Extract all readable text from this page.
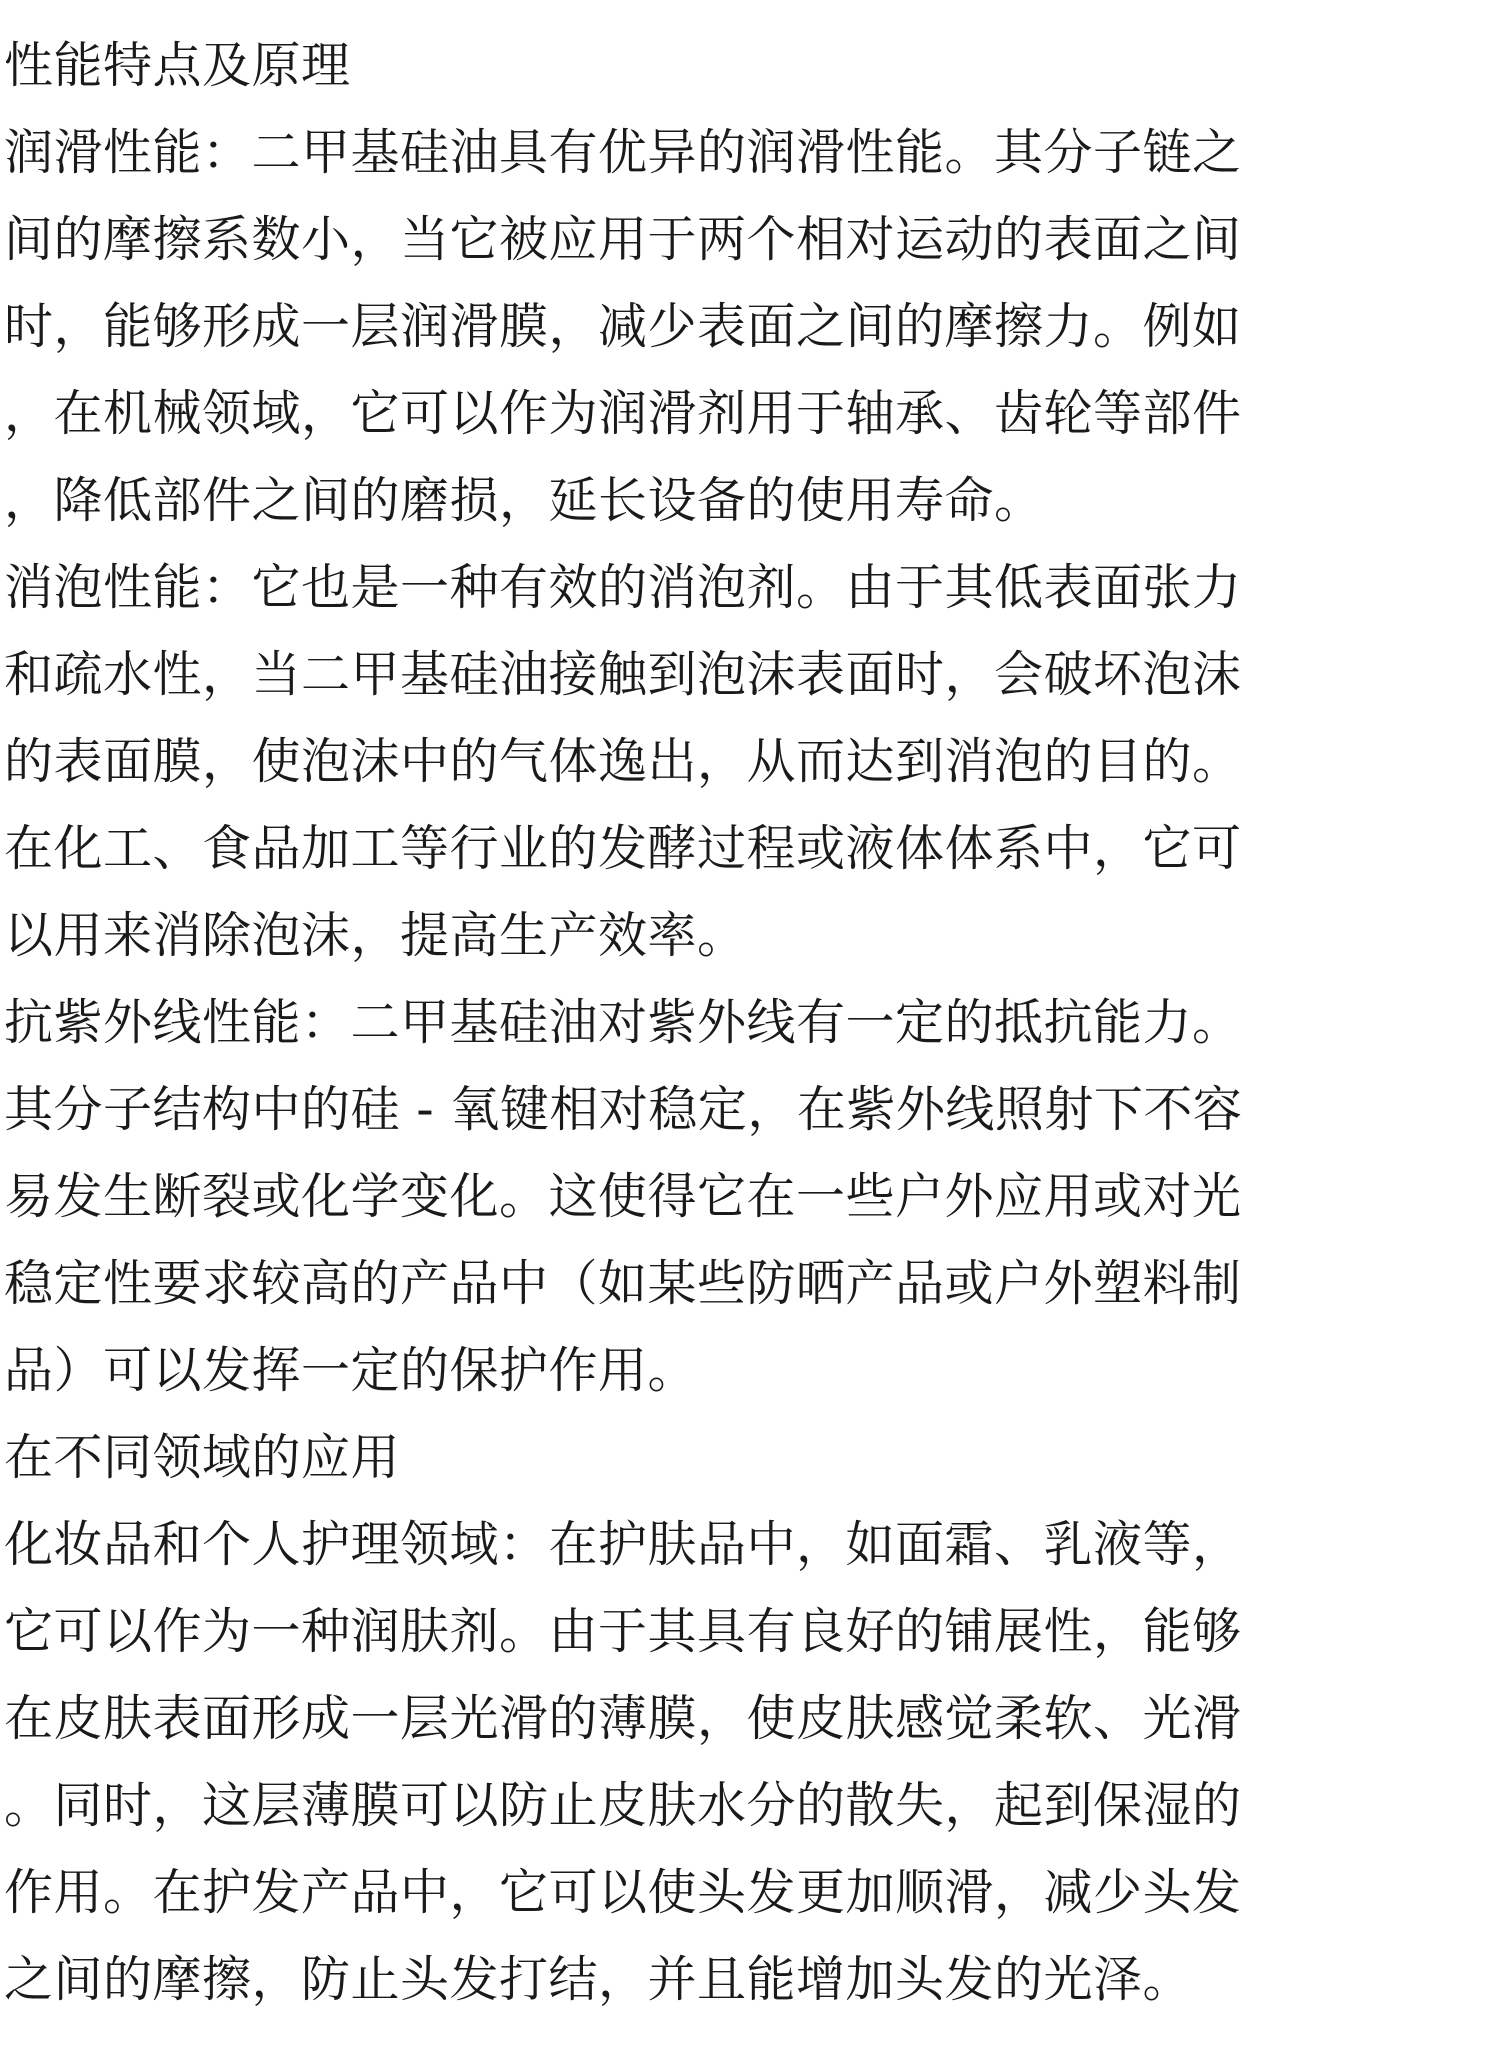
性能特点及原理
润滑性能：二甲基硅油具有优异的润滑性能。其分子链之
间的摩擦系数小，当它被应用于两个相对运动的表面之间
时，能够形成一层润滑膜，减少表面之间的摩擦力。例如
，在机械领域，它可以作为润滑剂用于轴承、齿轮等部件
，降低部件之间的磨损，延长设备的使用寿命。
消泡性能：它也是一种有效的消泡剂。由于其低表面张力
和疏水性，当二甲基硅油接触到泡沫表面时，会破坏泡沫
的表面膜，使泡沫中的气体逸出，从而达到消泡的目的。
在化工、食品加工等行业的发酵过程或液体体系中，它可
以用来消除泡沫，提高生产效率。
抗紫外线性能：二甲基硅油对紫外线有一定的抵抗能力。
其分子结构中的硅 - 氧键相对稳定，在紫外线照射下不容
易发生断裂或化学变化。这使得它在一些户外应用或对光
稳定性要求较高的产品中（如某些防晒产品或户外塑料制
品）可以发挥一定的保护作用。
在不同领域的应用
化妆品和个人护理领域：在护肤品中，如面霜、乳液等，
它可以作为一种润肤剂。由于其具有良好的铺展性，能够
在皮肤表面形成一层光滑的薄膜，使皮肤感觉柔软、光滑
。同时，这层薄膜可以防止皮肤水分的散失，起到保湿的
作用。在护发产品中，它可以使头发更加顺滑，减少头发
之间的摩擦，防止头发打结，并且能增加头发的光泽。
